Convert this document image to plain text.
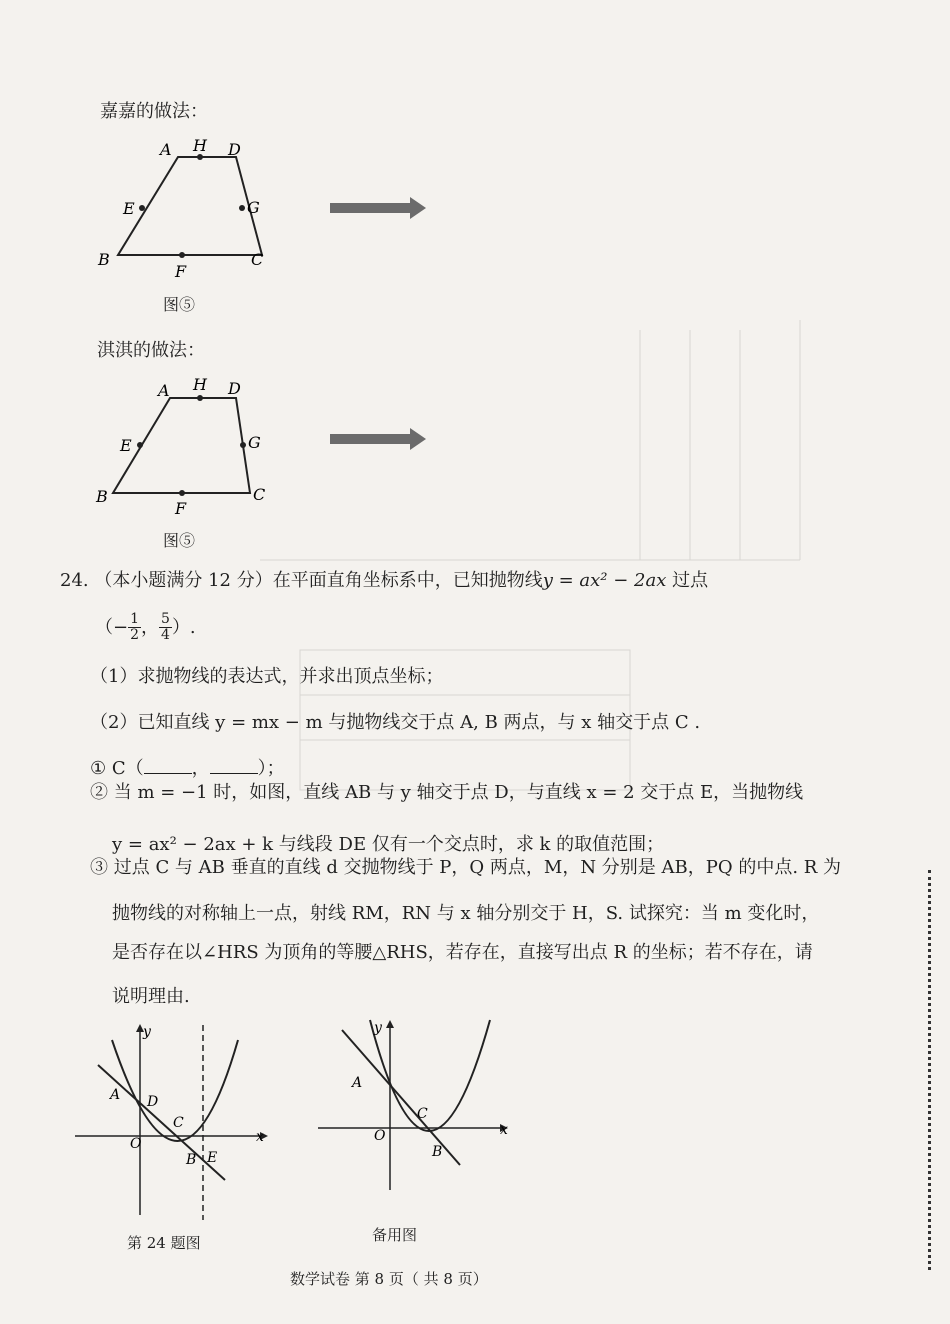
嘉嘉的做法：
A H D
E	G
B
F
C
图⑤
淇淇的做法：
A H D
E	G
B
F
C
图⑤
24. （本小题满分 12 分）在平面直角坐标系中，已知抛物线y = ax² − 2ax 过点
（− $\frac{1}{2}$ ， $\frac{5}{4}$ ）.
（1）求抛物线的表达式，并求出顶点坐标；
（2）已知直线 y = mx − m 与抛物线交于点 A, B 两点，与 x 轴交于点 C .
① C（	，	）；
② 当 m = −1 时，如图，直线 AB 与 y 轴交于点 D，与直线 x = 2 交于点 E，当抛物线
y = ax² − 2ax + k 与线段 DE 仅有一个交点时，求 k 的取值范围；
③ 过点 C 与 AB 垂直的直线 d 交抛物线于 P，Q 两点，M，N 分别是 AB，PQ 的中点. R 为
抛物线的对称轴上一点，射线 RM，RN 与 x 轴分别交于 H，S. 试探究：当 m 变化时，
是否存在以∠HRS 为顶角的等腰△RHS，若存在，直接写出点 R 的坐标；若不存在，请
说明理由.
y
A D
C
O
B E
x
第 24 题图
y
A
C
O
B
x
备用图
数学试卷 第 8 页（ 共 8 页）
